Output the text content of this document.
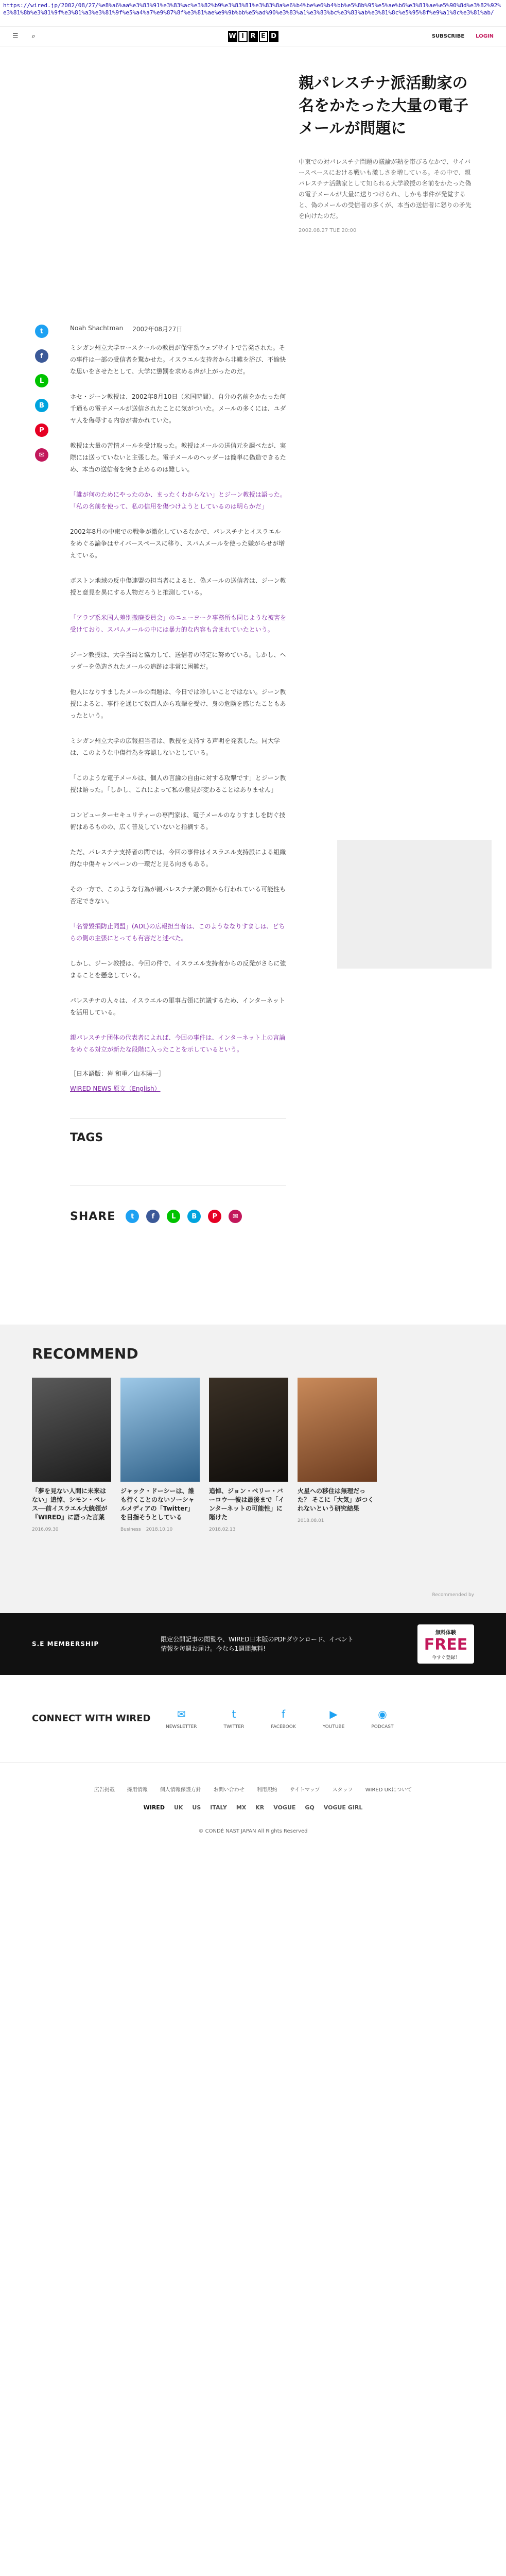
https://wired.jp/2002/08/27/%e8%a6%aa%e3%83%91%e3%83%ac%e3%82%b9%e3%83%81%e3%83%8a%e6%b4%be%e6%b4%bb%e5%8b%95%e5%ae%b6%e3%81%ae%e5%90%8d%e3%82%92%e3%81%8b%e3%81%9f%e3%81%a3%e3%81%9f%e5%a4%a7%e9%87%8f%e3%81%ae%e9%9b%bb%e5%ad%90%e3%83%a1%e3%83%bc%e3%83%ab%e3%81%8c%e5%95%8f%e9%a1%8c%e3%81%ab/
☰ ⌕	W I R E D	SUBSCRIBE LOGIN
親パレスチナ派活動家の名をかたった大量の電子メールが問題に

中東での対パレスチナ問題の議論が熱を帯びるなかで、サイバースペースにおける戦いも激しさを増している。その中で、親パレスチナ活動家として知られる大学教授の名前をかたった偽の電子メールが大量に送りつけられ、しかも事件が発覚すると、偽のメールの受信者の多くが、本当の送信者に怒りの矛先を向けたのだ。

2002.08.27 TUE 20:00

t
f
L
B
P
✉
Noah Shachtman 2002年08月27日

ミシガン州立大学ロースクールの教員が保守系ウェブサイトで告発された。その事件は一部の受信者を驚かせた。イスラエル支持者から非難を浴び、不愉快な思いをさせたとして、大学に懲罰を求める声が上がったのだ。

ホセ・ジーン教授は、2002年8月10日（米国時間）、自分の名前をかたった何千通もの電子メールが送信されたことに気がついた。メールの多くには、ユダヤ人を侮辱する内容が書かれていた。

教授は大量の苦情メールを受け取った。教授はメールの送信元を調べたが、実際には送っていないと主張した。電子メールのヘッダーは簡単に偽造できるため、本当の送信者を突き止めるのは難しい。

「誰が何のためにやったのか、まったくわからない」とジーン教授は語った。「私の名前を使って、私の信用を傷つけようとしているのは明らかだ」

2002年8月の中東での戦争が激化しているなかで、パレスチナとイスラエルをめぐる論争はサイバースペースに移り、スパムメールを使った嫌がらせが増えている。

ボストン地域の反中傷連盟の担当者によると、偽メールの送信者は、ジーン教授と意見を異にする人物だろうと推測している。

「アラブ系米国人差別撤廃委員会」のニューヨーク事務所も同じような被害を受けており、スパムメールの中には暴力的な内容も含まれていたという。

ジーン教授は、大学当局と協力して、送信者の特定に努めている。しかし、ヘッダーを偽造されたメールの追跡は非常に困難だ。

他人になりすましたメールの問題は、今日では珍しいことではない。ジーン教授によると、事件を通じて数百人から攻撃を受け、身の危険を感じたこともあったという。

ミシガン州立大学の広報担当者は、教授を支持する声明を発表した。同大学は、このような中傷行為を容認しないとしている。

「このような電子メールは、個人の言論の自由に対する攻撃です」とジーン教授は語った。「しかし、これによって私の意見が変わることはありません」

コンピューターセキュリティーの専門家は、電子メールのなりすましを防ぐ技術はあるものの、広く普及していないと指摘する。

ただ、パレスチナ支持者の間では、今回の事件はイスラエル支持派による組織的な中傷キャンペーンの一環だと見る向きもある。

その一方で、このような行為が親パレスチナ派の側から行われている可能性も否定できない。

「名誉毀損防止同盟」(ADL)の広報担当者は、このようななりすましは、どちらの側の主張にとっても有害だと述べた。

しかし、ジーン教授は、今回の件で、イスラエル支持者からの反発がさらに強まることを懸念している。

パレスチナの人々は、イスラエルの軍事占領に抗議するため、インターネットを活用している。

親パレスチナ団体の代表者によれば、今回の事件は、インターネット上の言論をめぐる対立が新たな段階に入ったことを示しているという。

［日本語版：岩 和重／山本陽一］
WIRED NEWS 原文（English）
TAGS
SHARE	t	f	L	B	P	✉
RECOMMEND
「夢を見ない人間に未来はない」追悼、シモン・ペレス──前イスラエル大統領が『WIRED』に語った言葉
2016.09.30
ジャック・ドーシーは、誰も行くことのないソーシャルメディアの「Twitter」を目指そうとしている
Business 2018.10.10
追悼、ジョン・ペリー・バーロウ──彼は最後まで「インターネットの可能性」に賭けた
2018.02.13
火星への移住は無理だった？ そこに「大気」がつくれないという研究結果
2018.08.01
Recommended by
S.E MEMBERSHIP
限定公開記事の閲覧や、WIRED日本版のPDFダウンロード、イベント情報を毎週お届け。今なら1週間無料!
無料体験
FREE
今すぐ登録！
CONNECT WITH WIRED	✉
NEWSLETTER
t
TWITTER
f
FACEBOOK
▶
YOUTUBE
◉
PODCAST
広告掲載 採用情報 個人情報保護方針 お問い合わせ 利用規約 サイトマップ スタッフ WIRED UKについて
WIRED UK US ITALY MX KR VOGUE GQ VOGUE GIRL
© CONDÉ NAST JAPAN All Rights Reserved
